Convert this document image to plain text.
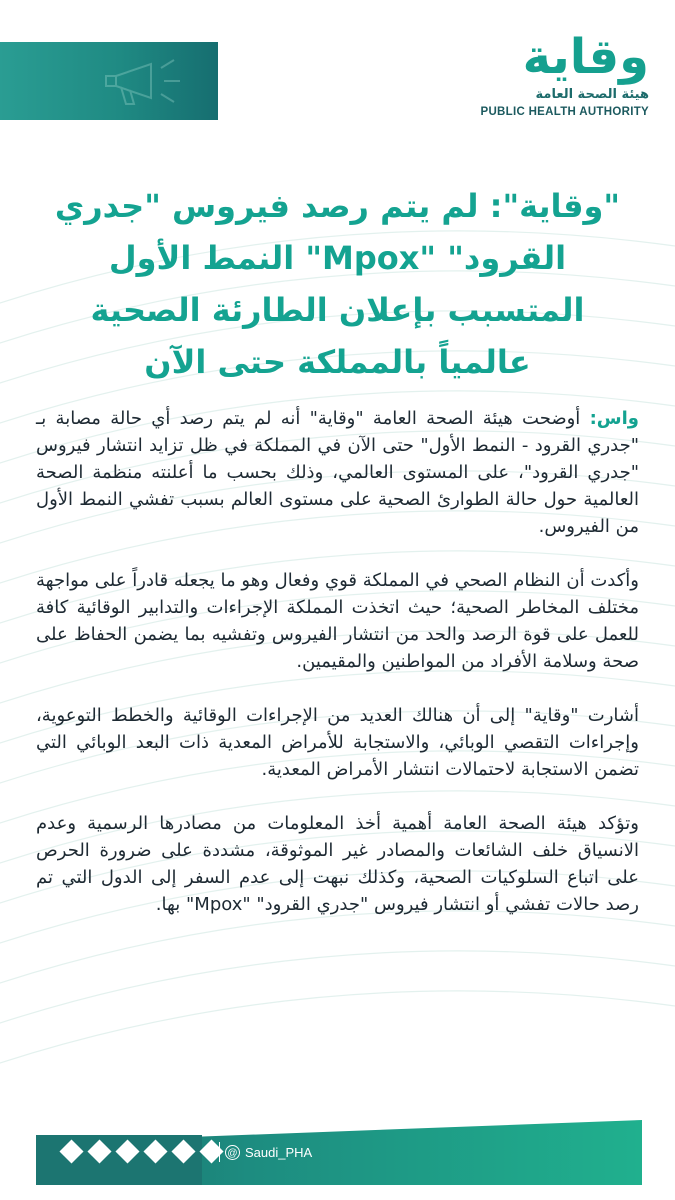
وقاية
هيئة الصحة العامة
PUBLIC HEALTH AUTHORITY
"وقاية": لم يتم رصد فيروس "جدري القرود" "Mpox" النمط الأول المتسبب بإعلان الطارئة الصحية عالمياً بالمملكة حتى الآن

واس: أوضحت هيئة الصحة العامة "وقاية" أنه لم يتم رصد أي حالة مصابة بـ "جدري القرود - النمط الأول" حتى الآن في المملكة في ظل تزايد انتشار فيروس "جدري القرود"، على المستوى العالمي، وذلك بحسب ما أعلنته منظمة الصحة العالمية حول حالة الطوارئ الصحية على مستوى العالم بسبب تفشي النمط الأول من الفيروس.

وأكدت أن النظام الصحي في المملكة قوي وفعال وهو ما يجعله قادراً على مواجهة مختلف المخاطر الصحية؛ حيث اتخذت المملكة الإجراءات والتدابير الوقائية كافة للعمل على قوة الرصد والحد من انتشار الفيروس وتفشيه بما يضمن الحفاظ على صحة وسلامة الأفراد من المواطنين والمقيمين.

أشارت "وقاية" إلى أن هنالك العديد من الإجراءات الوقائية والخطط التوعوية، وإجراءات التقصي الوبائي، والاستجابة للأمراض المعدية ذات البعد الوبائي التي تضمن الاستجابة لاحتمالات انتشار الأمراض المعدية.

وتؤكد هيئة الصحة العامة أهمية أخذ المعلومات من مصادرها الرسمية وعدم الانسياق خلف الشائعات والمصادر غير الموثوقة، مشددة على ضرورة الحرص على اتباع السلوكيات الصحية، وكذلك نبهت إلى عدم السفر إلى الدول التي تم رصد حالات تفشي أو انتشار فيروس "جدري القرود" "Mpox" بها.

@ Saudi_PHA
